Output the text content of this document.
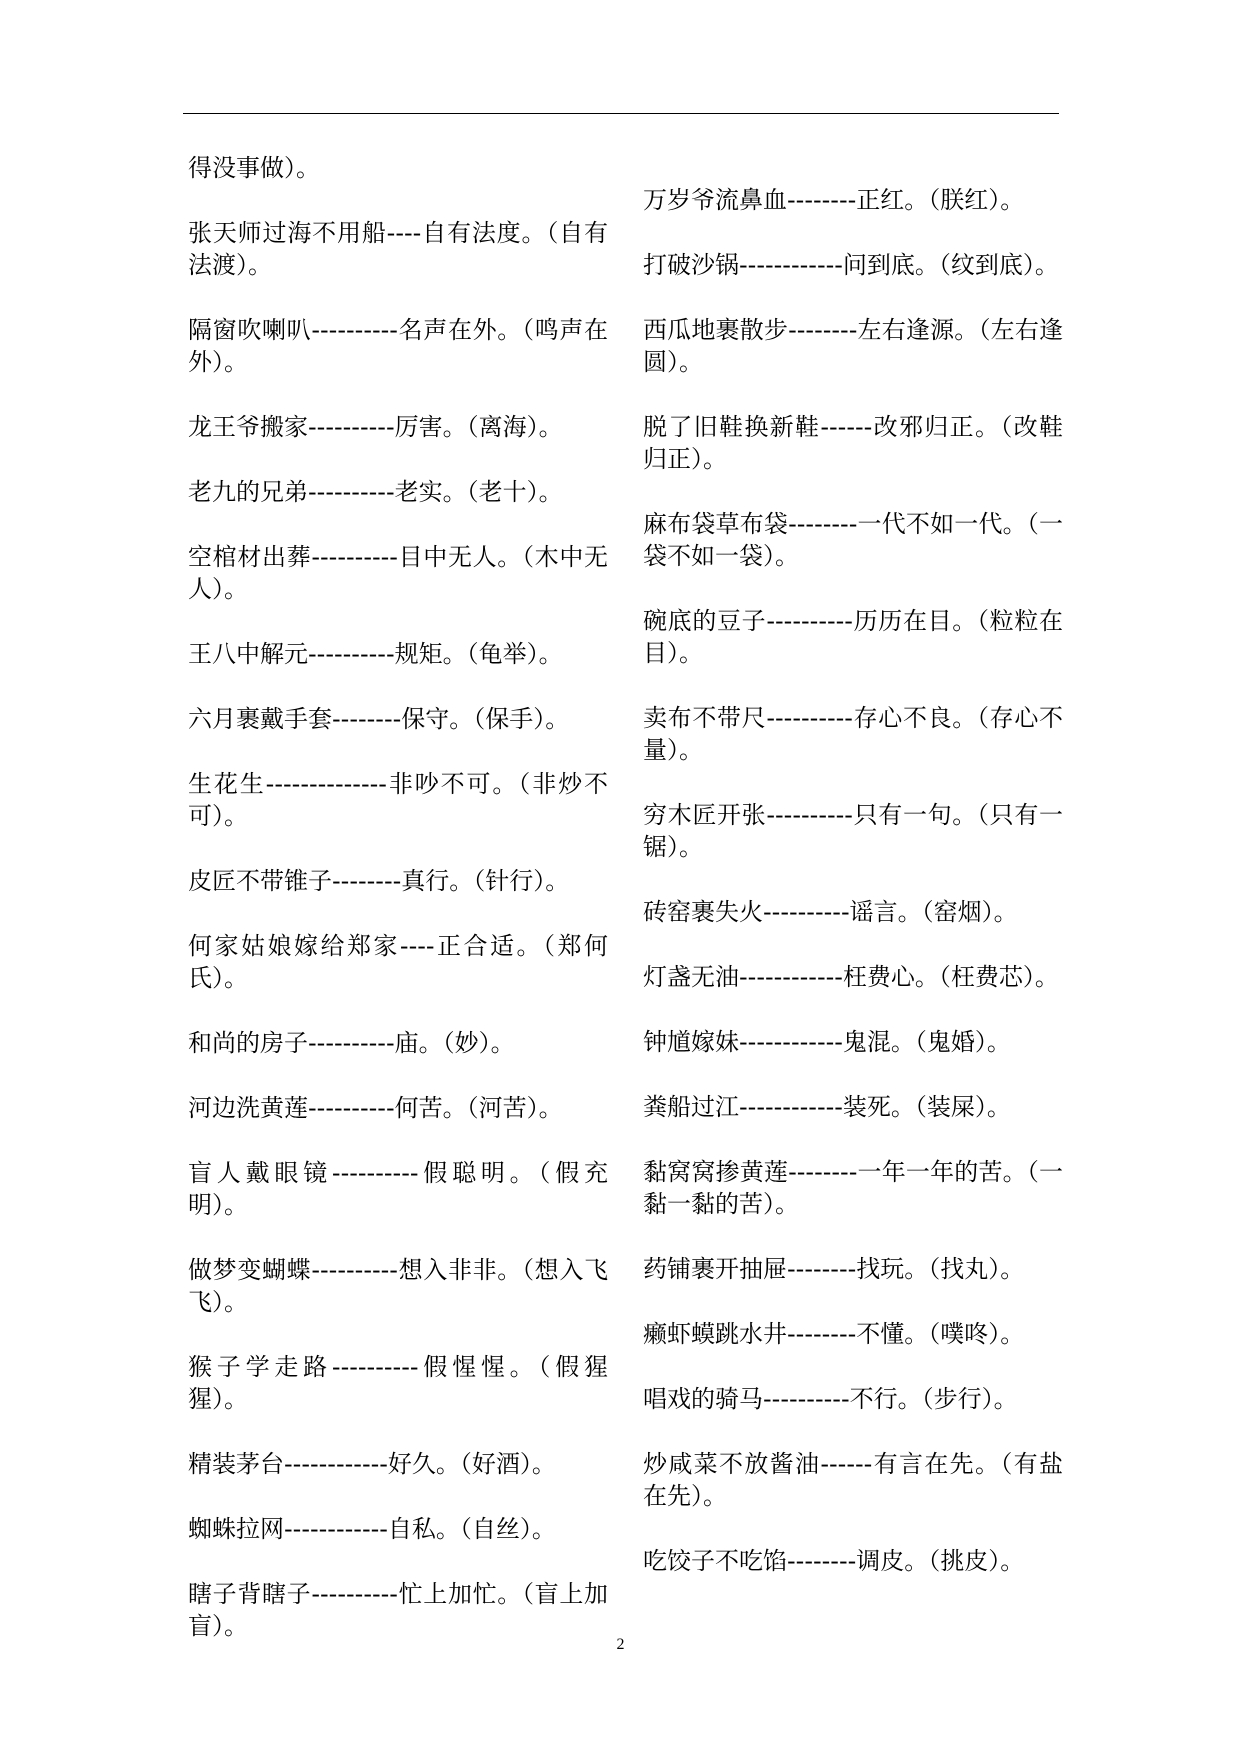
得没事做）。

张天师过海不用船----自有法度。（自有法渡）。

隔窗吹喇叭----------名声在外。（鸣声在外）。

龙王爷搬家----------厉害。（离海）。

老九的兄弟----------老实。（老十）。

空棺材出葬----------目中无人。（木中无人）。

王八中解元----------规矩。（龟举）。

六月裹戴手套--------保守。（保手）。

生花生--------------非吵不可。（非炒不可）。

皮匠不带锥子--------真行。（针行）。

何家姑娘嫁给郑家----正合适。（郑何氏）。

和尚的房子----------庙。（妙）。

河边洗黄莲----------何苦。（河苦）。

盲人戴眼镜----------假聪明。（假充明）。

做梦变蝴蝶----------想入非非。（想入飞飞）。

猴子学走路----------假惺惺。（假猩猩）。

精装茅台------------好久。（好酒）。

蜘蛛拉网------------自私。（自丝）。

瞎子背瞎子----------忙上加忙。（盲上加盲）。

万岁爷流鼻血--------正红。（朕红）。

打破沙锅------------问到底。（纹到底）。

西瓜地裹散步--------左右逢源。（左右逢圆）。

脱了旧鞋换新鞋------改邪归正。（改鞋归正）。

麻布袋草布袋--------一代不如一代。（一袋不如一袋）。

碗底的豆子----------历历在目。（粒粒在目）。

卖布不带尺----------存心不良。（存心不量）。

穷木匠开张----------只有一句。（只有一锯）。

砖窑裹失火----------谣言。（窑烟）。

灯盏无油------------枉费心。（枉费芯）。

钟馗嫁妹------------鬼混。（鬼婚）。

粪船过江------------装死。（装屎）。

黏窝窝掺黄莲--------一年一年的苦。（一黏一黏的苦）。

药铺裹开抽屉--------找玩。（找丸）。

癞虾蟆跳水井--------不懂。（噗咚）。

唱戏的骑马----------不行。（步行）。

炒咸菜不放酱油------有言在先。（有盐在先）。

吃饺子不吃馅--------调皮。（挑皮）。

2
